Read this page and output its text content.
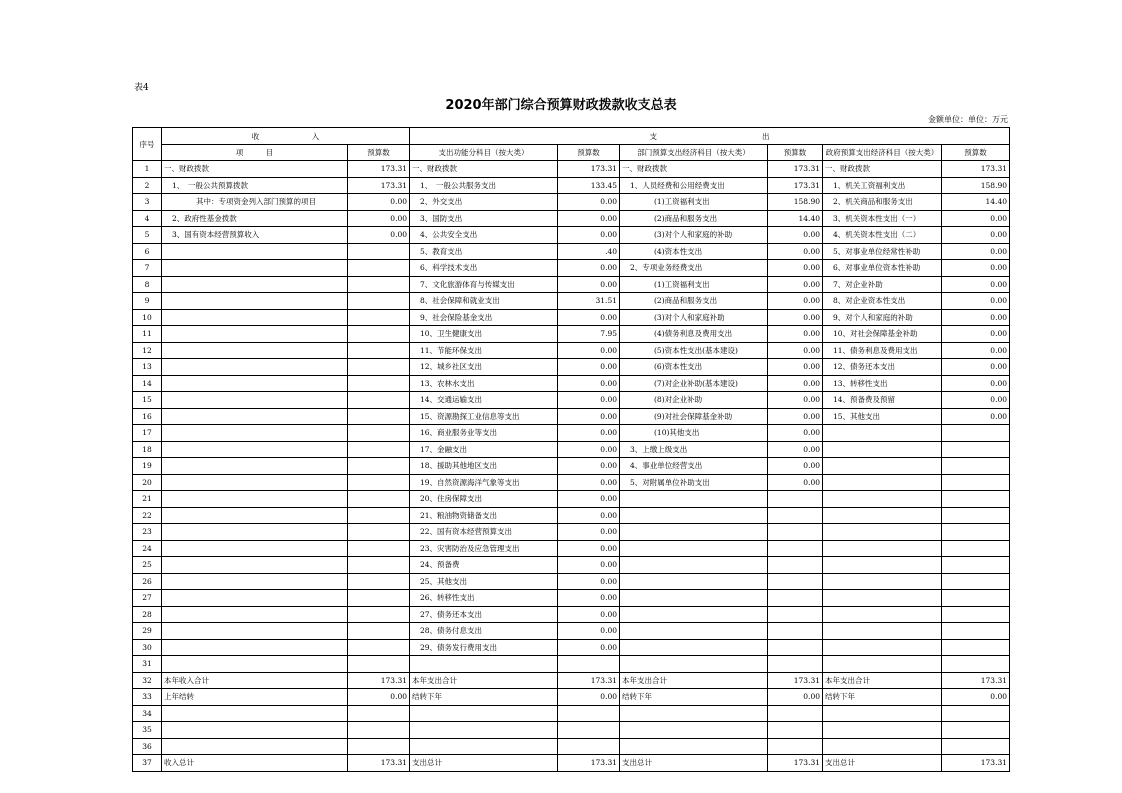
表4
2020年部门综合预算财政拨款收支总表
金额单位：单位：万元
序号	收　　　　　　　入		支　　　　　　　　　　　　　　出					
	项　　　目	预算数	支出功能分科目（按大类）	预算数	部门预算支出经济科目（按大类）	预算数	政府预算支出经济科目（按大类）	预算数
1	一、财政拨款	173.31	一、财政拨款	173.31	一、财政拨款	173.31	一、财政拨款	173.31
2	1、　一般公共预算拨款	173.31	1、　一般公共服务支出	133.45	1、人员经费和公用经费支出	173.31	1、机关工资福利支出	158.90
3	其中：专项资金列入部门预算的项目	0.00	2、外交支出	0.00	(1)工资福利支出	158.90	2、机关商品和服务支出	14.40
4	2、政府性基金拨款	0.00	3、国防支出	0.00	(2)商品和服务支出	14.40	3、机关资本性支出（一）	0.00
5	3、国有资本经营预算收入	0.00	4、公共安全支出	0.00	(3)对个人和家庭的补助	0.00	4、机关资本性支出（二）	0.00
6			5、教育支出	.40	(4)资本性支出	0.00	5、对事业单位经常性补助	0.00
7			6、科学技术支出	0.00	2、专项业务经费支出	0.00	6、对事业单位资本性补助	0.00
8			7、文化旅游体育与传媒支出	0.00	(1)工资福利支出	0.00	7、对企业补助	0.00
9			8、社会保障和就业支出	31.51	(2)商品和服务支出	0.00	8、对企业资本性支出	0.00
10			9、社会保险基金支出	0.00	(3)对个人和家庭补助	0.00	9、对个人和家庭的补助	0.00
11			10、卫生健康支出	7.95	(4)债务利息及费用支出	0.00	10、对社会保障基金补助	0.00
12			11、节能环保支出	0.00	(5)资本性支出(基本建设)	0.00	11、债务利息及费用支出	0.00
13			12、城乡社区支出	0.00	(6)资本性支出	0.00	12、债务还本支出	0.00
14			13、农林水支出	0.00	(7)对企业补助(基本建设)	0.00	13、转移性支出	0.00
15			14、交通运输支出	0.00	(8)对企业补助	0.00	14、预备费及预留	0.00
16			15、资源勘探工业信息等支出	0.00	(9)对社会保障基金补助	0.00	15、其他支出	0.00
17			16、商业服务业等支出	0.00	(10)其他支出	0.00		
18			17、金融支出	0.00	3、上缴上级支出	0.00		
19			18、援助其他地区支出	0.00	4、事业单位经营支出	0.00		
20			19、自然资源海洋气象等支出	0.00	5、对附属单位补助支出	0.00		
21			20、住房保障支出	0.00				
22			21、粮油物资储备支出	0.00				
23			22、国有资本经营预算支出	0.00				
24			23、灾害防治及应急管理支出	0.00				
25			24、预备费	0.00				
26			25、其他支出	0.00				
27			26、转移性支出	0.00				
28			27、债务还本支出	0.00				
29			28、债务付息支出	0.00				
30			29、债务发行费用支出	0.00				
31								
32	本年收入合计	173.31	本年支出合计	173.31	本年支出合计	173.31	本年支出合计	173.31
33	上年结转	0.00	结转下年	0.00	结转下年	0.00	结转下年	0.00
34								
35								
36								
37	收入总计	173.31	支出总计	173.31	支出总计	173.31	支出总计	173.31
